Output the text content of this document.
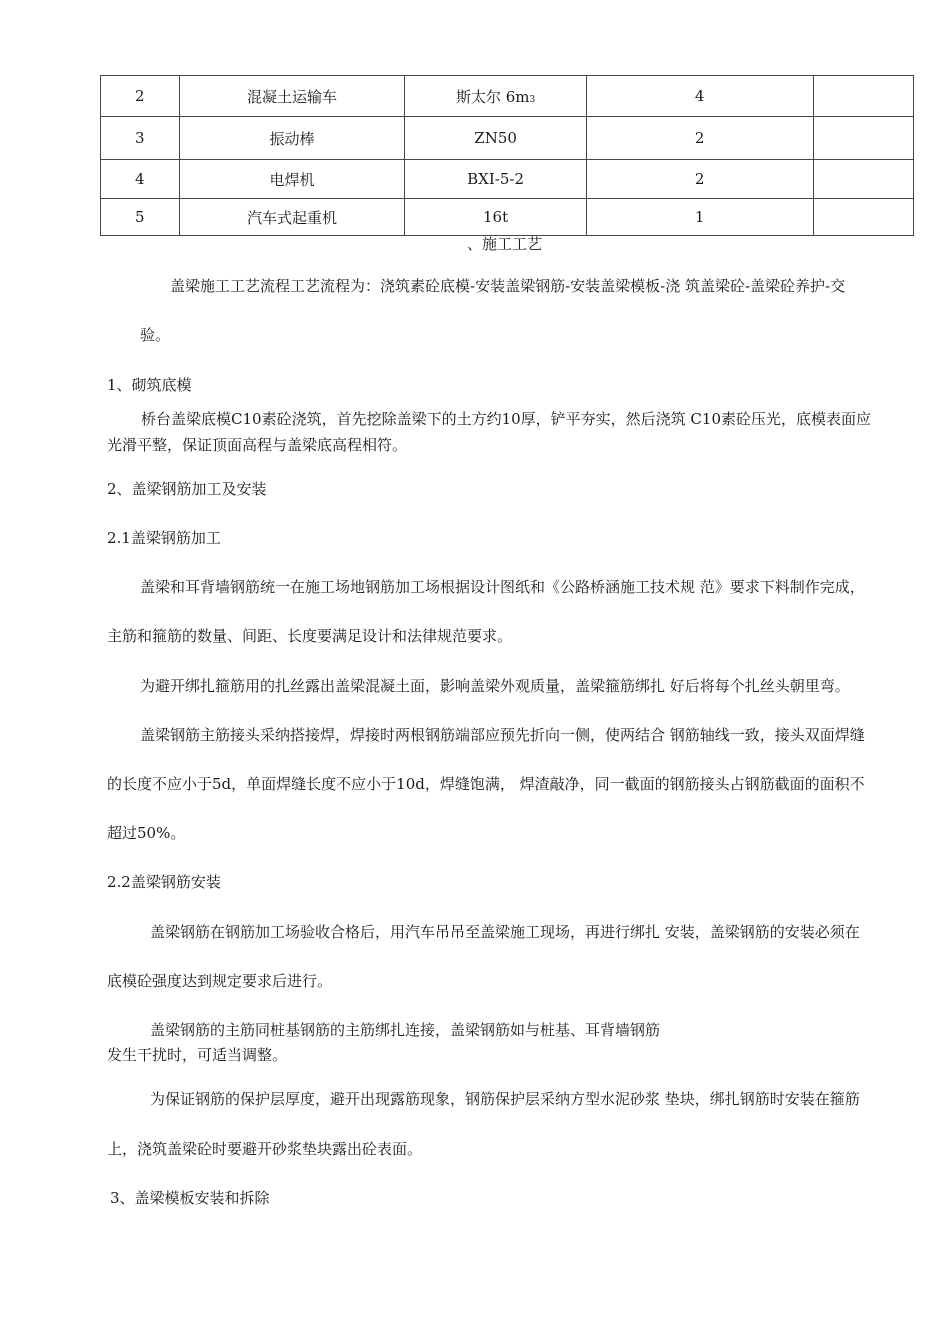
2	混凝土运输车	斯太尔 6m3	4	
3	振动棒	ZN50	2	
4	电焊机	BXI-5-2	2	
5	汽车式起重机	16t	1	
、施工工艺
盖梁施工工艺流程工艺流程为：浇筑素砼底模-安装盖梁钢筋-安装盖梁模板-浇 筑盖梁砼-盖梁砼养护-交
验。
1、砌筑底模
桥台盖梁底模C10素砼浇筑，首先挖除盖梁下的土方约10厚，铲平夯实，然后浇筑 C10素砼压光，底模表面应
光滑平整，保证顶面高程与盖梁底高程相符。
2、盖梁钢筋加工及安装
2.1盖梁钢筋加工
盖梁和耳背墙钢筋统一在施工场地钢筋加工场根据设计图纸和《公路桥涵施工技术规 范》要求下料制作完成，
主筋和箍筋的数量、间距、长度要满足设计和法律规范要求。
为避开绑扎箍筋用的扎丝露出盖梁混凝土面，影响盖梁外观质量，盖梁箍筋绑扎 好后将每个扎丝头朝里弯。
盖梁钢筋主筋接头采纳搭接焊，焊接时两根钢筋端部应预先折向一侧，使两结合 钢筋轴线一致，接头双面焊缝
的长度不应小于5d，单面焊缝长度不应小于10d，焊缝饱满， 焊渣敲净，同一截面的钢筋接头占钢筋截面的面积不
超过50%。
2.2盖梁钢筋安装
盖梁钢筋在钢筋加工场验收合格后，用汽车吊吊至盖梁施工现场，再进行绑扎 安装，盖梁钢筋的安装必须在
底模砼强度达到规定要求后进行。
盖梁钢筋的主筋同桩基钢筋的主筋绑扎连接，盖梁钢筋如与桩基、耳背墙钢筋
发生干扰时，可适当调整。
为保证钢筋的保护层厚度，避开出现露筋现象，钢筋保护层采纳方型水泥砂浆 垫块，绑扎钢筋时安装在箍筋
上，浇筑盖梁砼时要避开砂浆垫块露出砼表面。
3、盖梁模板安装和拆除
